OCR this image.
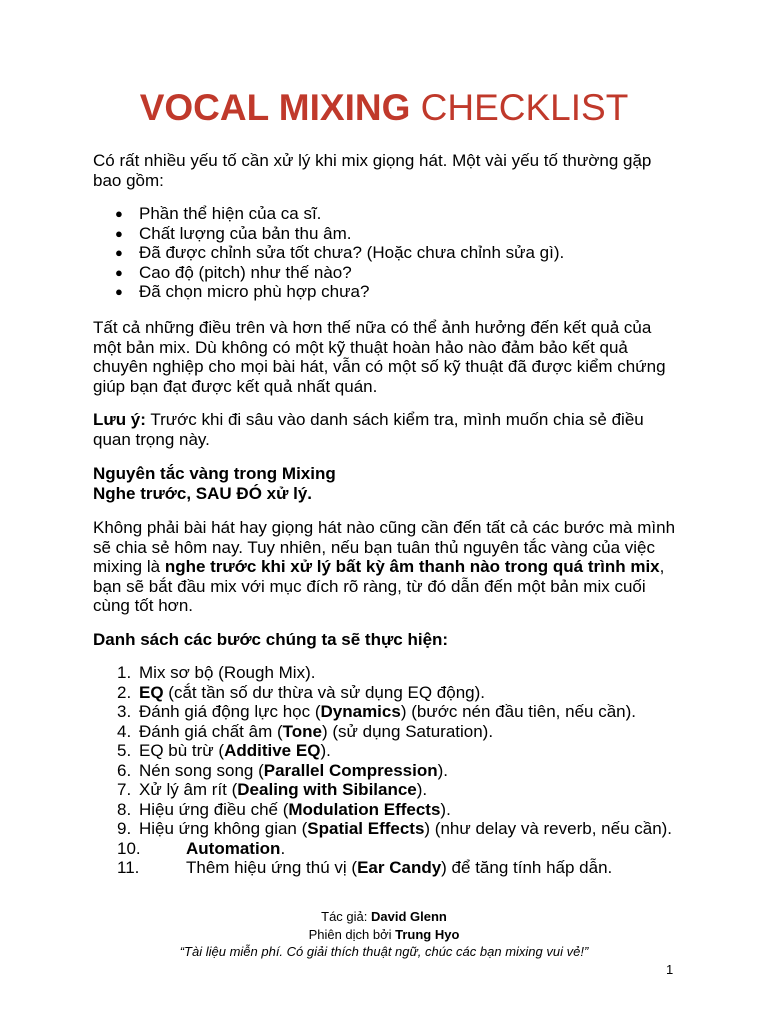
VOCAL MIXING CHECKLIST

Có rất nhiều yếu tố cần xử lý khi mix giọng hát. Một vài yếu tố thường gặp bao gồm:

● Phần thể hiện của ca sĩ.
● Chất lượng của bản thu âm.
● Đã được chỉnh sửa tốt chưa? (Hoặc chưa chỉnh sửa gì).
● Cao độ (pitch) như thế nào?
● Đã chọn micro phù hợp chưa?

Tất cả những điều trên và hơn thế nữa có thể ảnh hưởng đến kết quả của một bản mix. Dù không có một kỹ thuật hoàn hảo nào đảm bảo kết quả chuyên nghiệp cho mọi bài hát, vẫn có một số kỹ thuật đã được kiểm chứng giúp bạn đạt được kết quả nhất quán.

Lưu ý: Trước khi đi sâu vào danh sách kiểm tra, mình muốn chia sẻ điều quan trọng này.

Nguyên tắc vàng trong Mixing
Nghe trước, SAU ĐÓ xử lý.

Không phải bài hát hay giọng hát nào cũng cần đến tất cả các bước mà mình sẽ chia sẻ hôm nay. Tuy nhiên, nếu bạn tuân thủ nguyên tắc vàng của việc mixing là nghe trước khi xử lý bất kỳ âm thanh nào trong quá trình mix, bạn sẽ bắt đầu mix với mục đích rõ ràng, từ đó dẫn đến một bản mix cuối cùng tốt hơn.

Danh sách các bước chúng ta sẽ thực hiện:

1. Mix sơ bộ (Rough Mix).
2. EQ (cắt tần số dư thừa và sử dụng EQ động).
3. Đánh giá động lực học (Dynamics) (bước nén đầu tiên, nếu cần).
4. Đánh giá chất âm (Tone) (sử dụng Saturation).
5. EQ bù trừ (Additive EQ).
6. Nén song song (Parallel Compression).
7. Xử lý âm rít (Dealing with Sibilance).
8. Hiệu ứng điều chế (Modulation Effects).
9. Hiệu ứng không gian (Spatial Effects) (như delay và reverb, nếu cần).
10.	Automation.
11.	Thêm hiệu ứng thú vị (Ear Candy) để tăng tính hấp dẫn.
Tác giả: David Glenn
Phiên dịch bởi Trung Hyo
“Tài liệu miễn phí. Có giải thích thuật ngữ, chúc các bạn mixing vui vẻ!”
1
